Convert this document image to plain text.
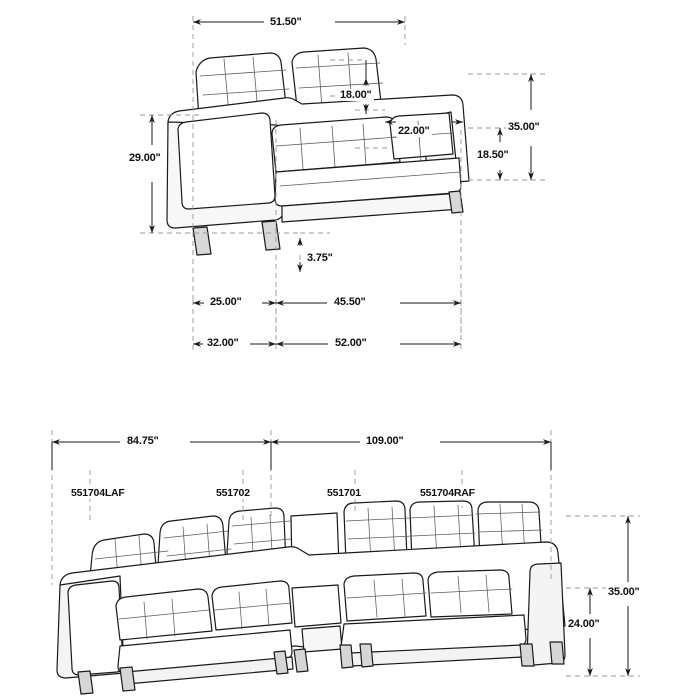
51.50"
18.00"
22.00"	35.00"
29.00"	18.50"
3.75"
25.00"	45.50"
32.00"	52.00"
84.75"	109.00"
35.00"
24.00"
551704LAF	551702	551701	551704RAF
